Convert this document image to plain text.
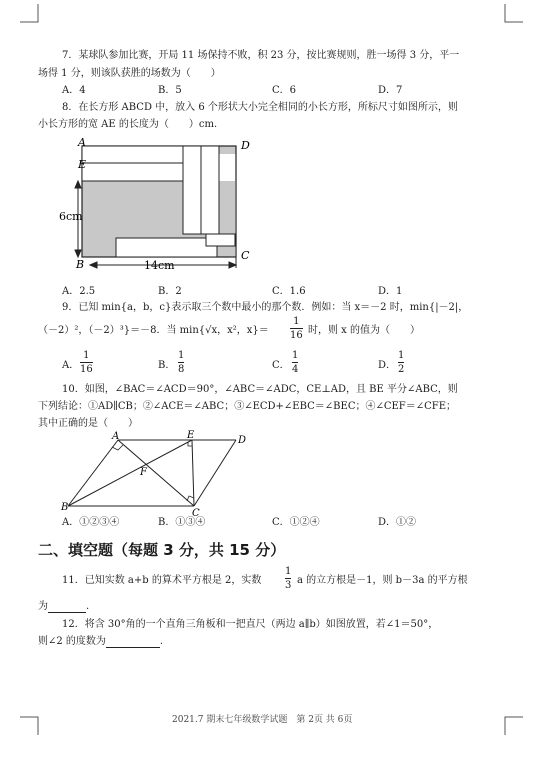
7．某球队参加比赛，开局 11 场保持不败，积 23 分，按比赛规则，胜一场得 3 分，平一
场得 1 分，则该队获胜的场数为（　　）
A．4	B．5	C．6	D．7
8．在长方形 ABCD 中，放入 6 个形状大小完全相同的小长方形，所标尺寸如图所示，则
小长方形的宽 AE 的长度为（　　）cm.
A
E
D
B
C
6cm
14cm
A．2.5	B．2	C．1.6	D．1
9．已知 min{a，b，c}表示取三个数中最小的那个数．例如：当 x＝－2 时，min{|－2|，
（－2）²，（－2）³}＝－8．当 min{√x，x²，x}＝
1
16 时，则 x 的值为（　　）
A．
1
16	B．
1
8	C．
1
4	D．
1
2
10．如图，∠BAC＝∠ACD＝90°，∠ABC＝∠ADC，CE⊥AD，且 BE 平分∠ABC，则
下列结论：①AD∥CB；②∠ACE＝∠ABC；③∠ECD+∠EBC＝∠BEC；④∠CEF＝∠CFE；
其中正确的是（　　）
A	E	D
F
B
C
A．①②③④	B．①③④	C．①②④	D．①②
二、填空题（每题 3 分，共 15 分）
11．已知实数 a+b 的算术平方根是 2，实数
1
3 a 的立方根是－1，则 b－3a 的平方根
为	.
12．将含 30°角的一个直角三角板和一把直尺（两边 a∥b）如图放置，若∠1＝50°，
则∠2 的度数为	.
2021.7 期末七年级数学试题　第 2页 共 6页
